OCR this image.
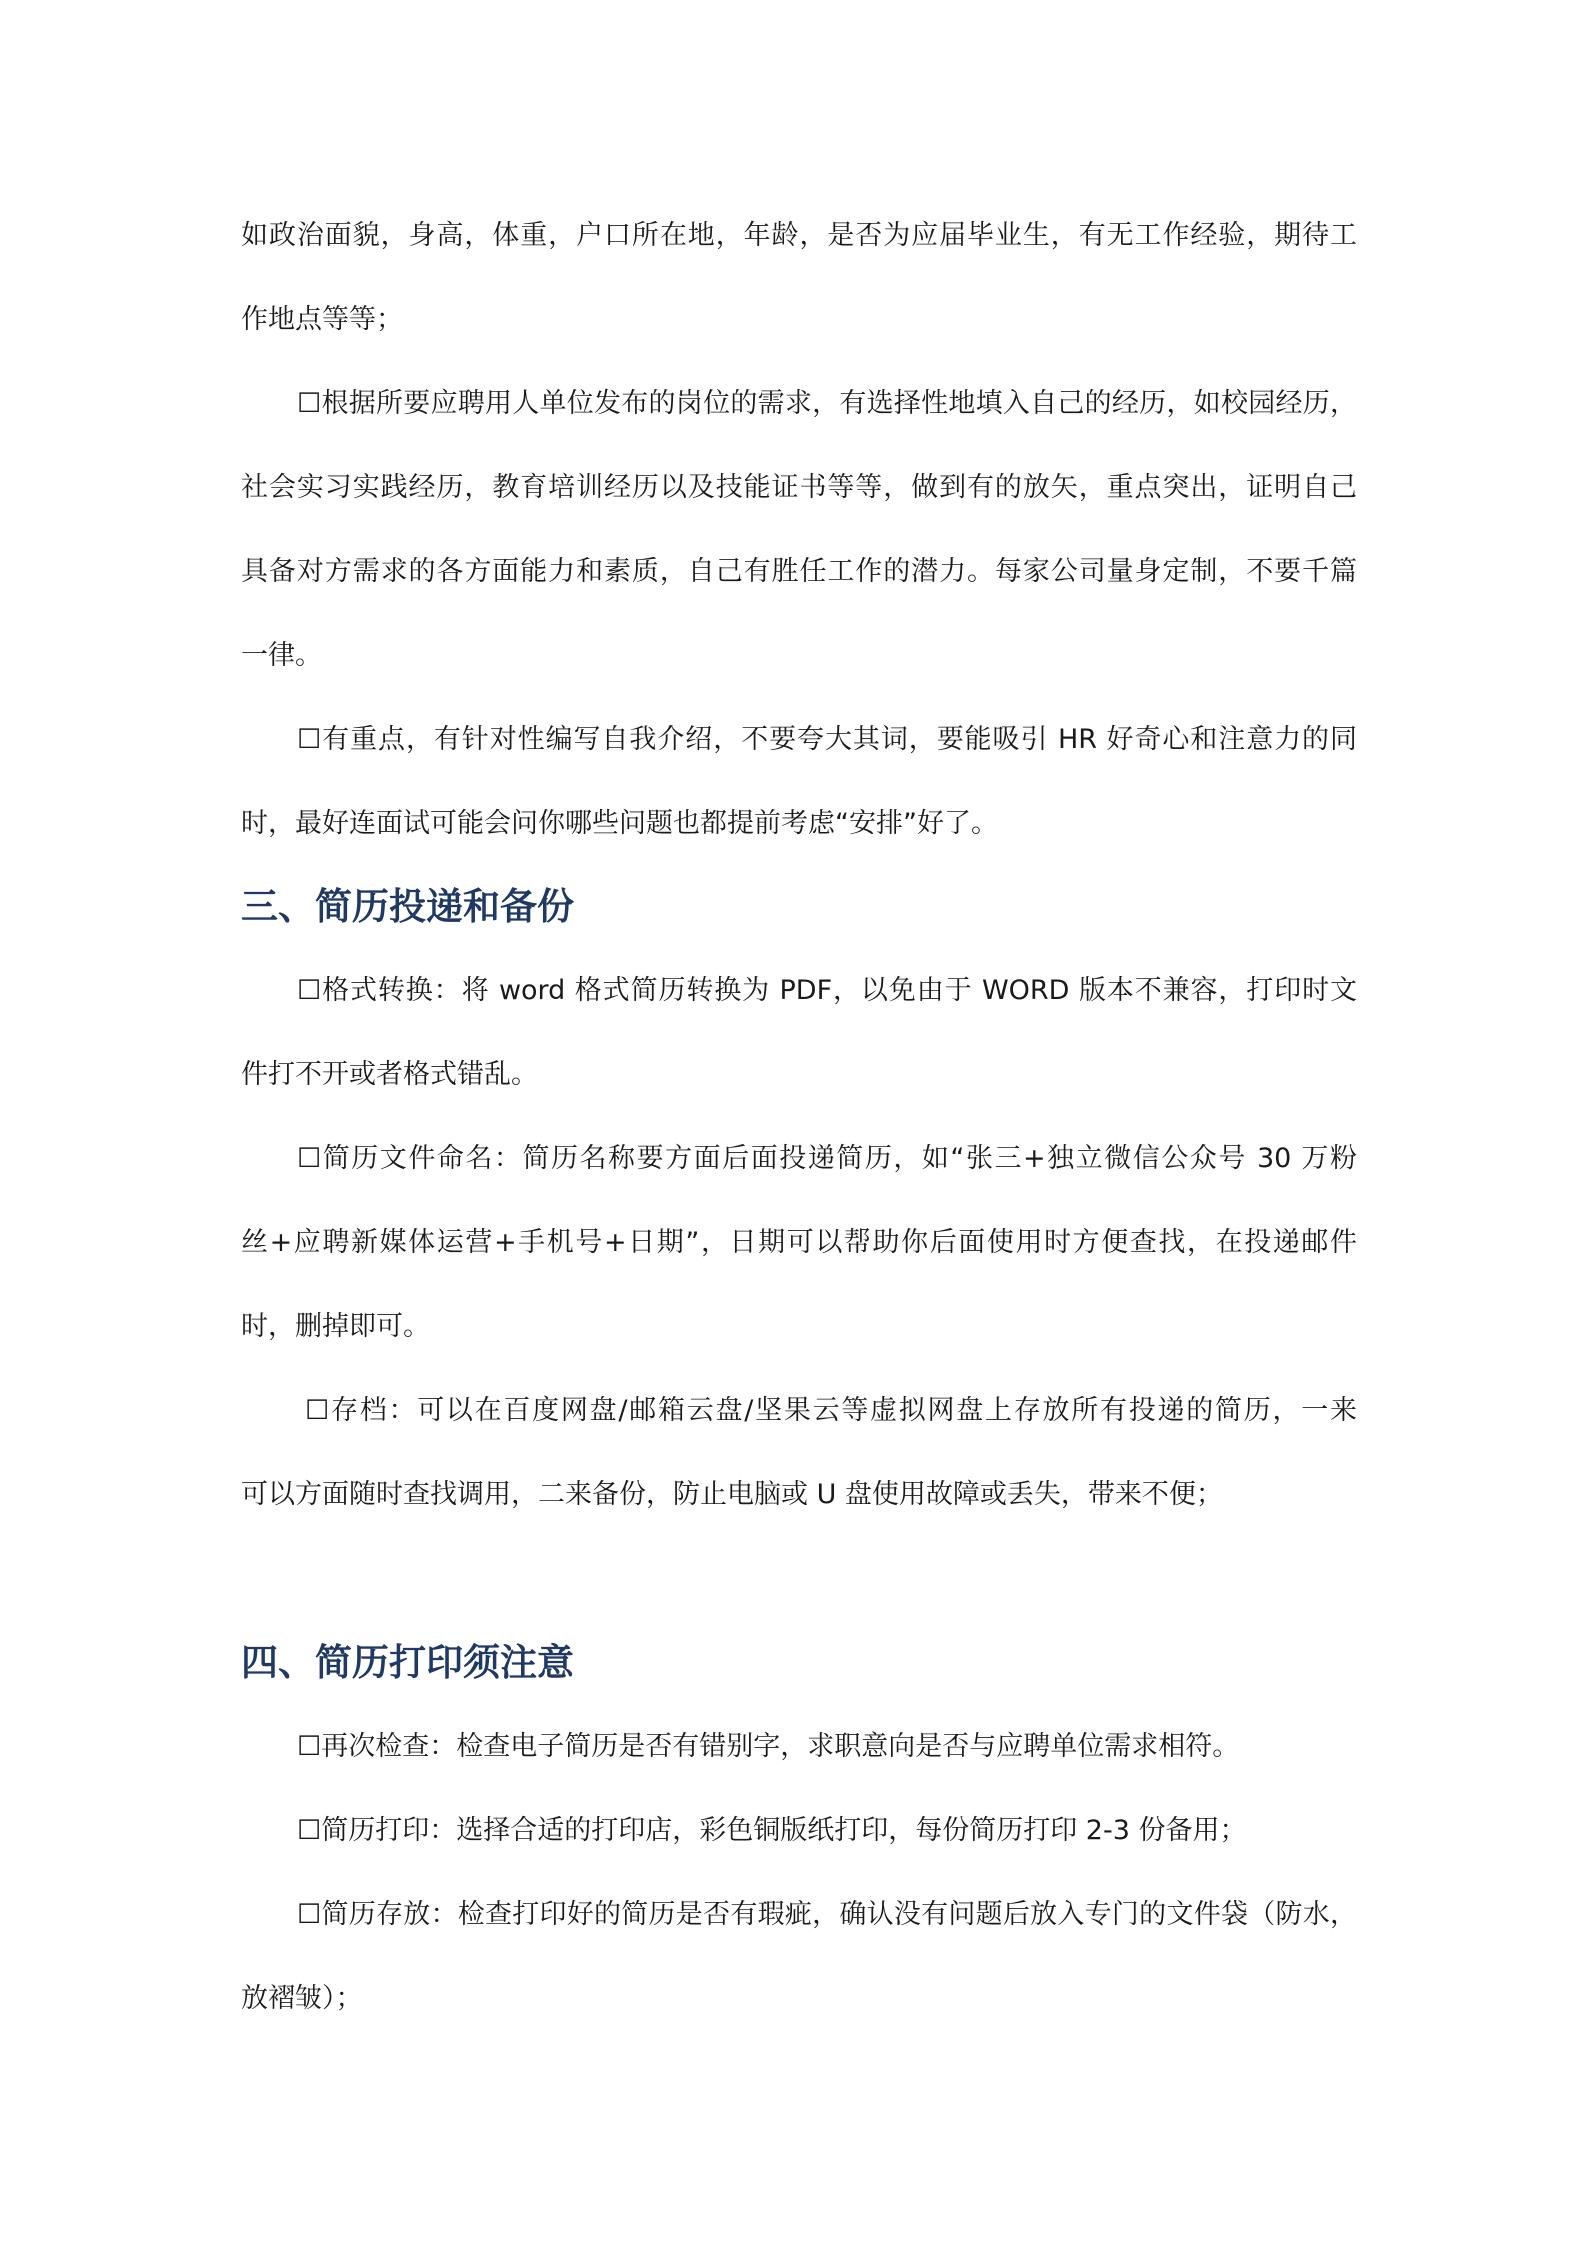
如政治面貌，身高，体重，户口所在地，年龄，是否为应届毕业生，有无工作经验，期待工
作地点等等；
☐根据所要应聘用人单位发布的岗位的需求，有选择性地填入自己的经历，如校园经历，
社会实习实践经历，教育培训经历以及技能证书等等，做到有的放矢，重点突出，证明自己
具备对方需求的各方面能力和素质，自己有胜任工作的潜力。每家公司量身定制，不要千篇
一律。
☐有重点，有针对性编写自我介绍，不要夸大其词，要能吸引 HR 好奇心和注意力的同
时，最好连面试可能会问你哪些问题也都提前考虑“安排”好了。
三、简历投递和备份
☐格式转换：将 word 格式简历转换为 PDF，以免由于 WORD 版本不兼容，打印时文
件打不开或者格式错乱。
☐简历文件命名：简历名称要方面后面投递简历，如“张三+独立微信公众号 30 万粉
丝+应聘新媒体运营+手机号+日期”，日期可以帮助你后面使用时方便查找，在投递邮件
时，删掉即可。
☐存档：可以在百度网盘/邮箱云盘/坚果云等虚拟网盘上存放所有投递的简历，一来
可以方面随时查找调用，二来备份，防止电脑或 U 盘使用故障或丢失，带来不便；
四、简历打印须注意
☐再次检查：检查电子简历是否有错别字，求职意向是否与应聘单位需求相符。
☐简历打印：选择合适的打印店，彩色铜版纸打印，每份简历打印 2-3 份备用；
☐简历存放：检查打印好的简历是否有瑕疵，确认没有问题后放入专门的文件袋（防水，
放褶皱）；
